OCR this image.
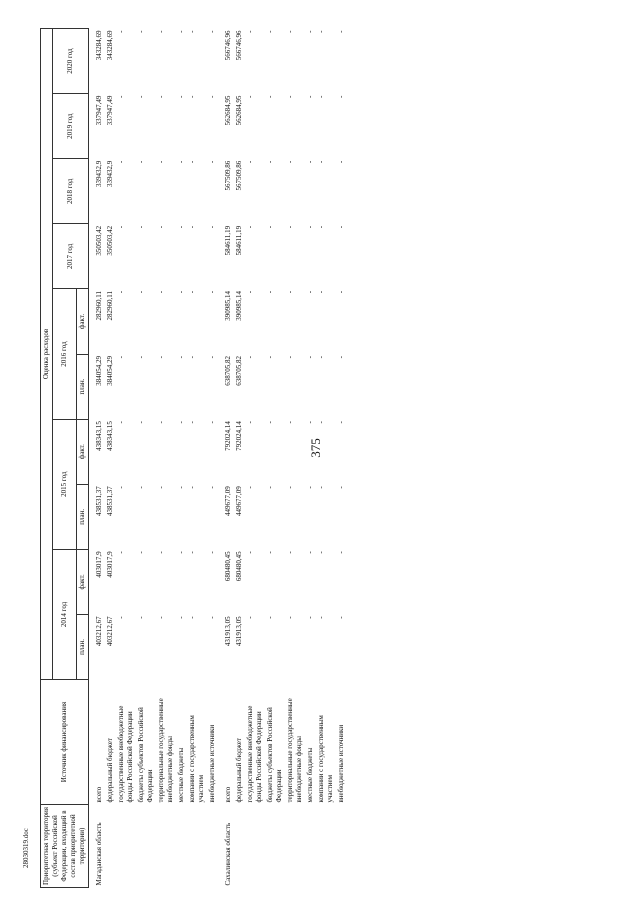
375
28030319.doc Приоритетная территория (субъект Российской Федерации, входящий в состав приоритетной территории)	Источник финансирования	Оценка расходов									
		2014 год		2015 год		2016 год		2017 год	2018 год	2019 год	2020 год
		план.	факт.	план.	факт.	план.	факт.				
Магаданская область	всего	403212,67	403017,9	438531,37	438343,15	384054,29	282960,11	350503,42	339432,9	337947,49	343284,69

	федеральный бюджет	403212,67	403017,9	438531,37	438343,15	384054,29	282960,11	350503,42	339432,9	337947,49	343284,69

	государственные внебюджетные фонды Российской Федерации	-	-	-	-	-	-	-	-	-	-

	бюджеты субъектов Российской Федерации	-	-	-	-	-	-	-	-	-	-

	территориальные государственные внебюджетные фонды	-	-	-	-	-	-	-	-	-	-

	местные бюджеты	-	-	-	-	-	-	-	-	-	-

	компании с государственным участием	-	-	-	-	-	-	-	-	-	-

	внебюджетные источники	-	-	-	-	-	-	-	-	-	-
Сахалинская область	всего	431913,05	680480,45	449677,09	792024,14	638705,82	390985,14	584611,19	567509,86	562684,95	566746,96

	федеральный бюджет	431913,05	680480,45	449677,09	792024,14	638705,82	390985,14	584611,19	567509,86	562684,95	566746,96

	государственные внебюджетные фонды Российской Федерации	-	-	-	-	-	-	-	-	-	-

	бюджеты субъектов Российской Федерации	-	-	-	-	-	-	-	-	-	-

	территориальные государственные внебюджетные фонды	-	-	-	-	-	-	-	-	-	-

	местные бюджеты	-	-	-	-	-	-	-	-	-	-

	компании с государственным участием	-	-	-	-	-	-	-	-	-	-

	внебюджетные источники	-	-	-	-	-	-	-	-	-	-
